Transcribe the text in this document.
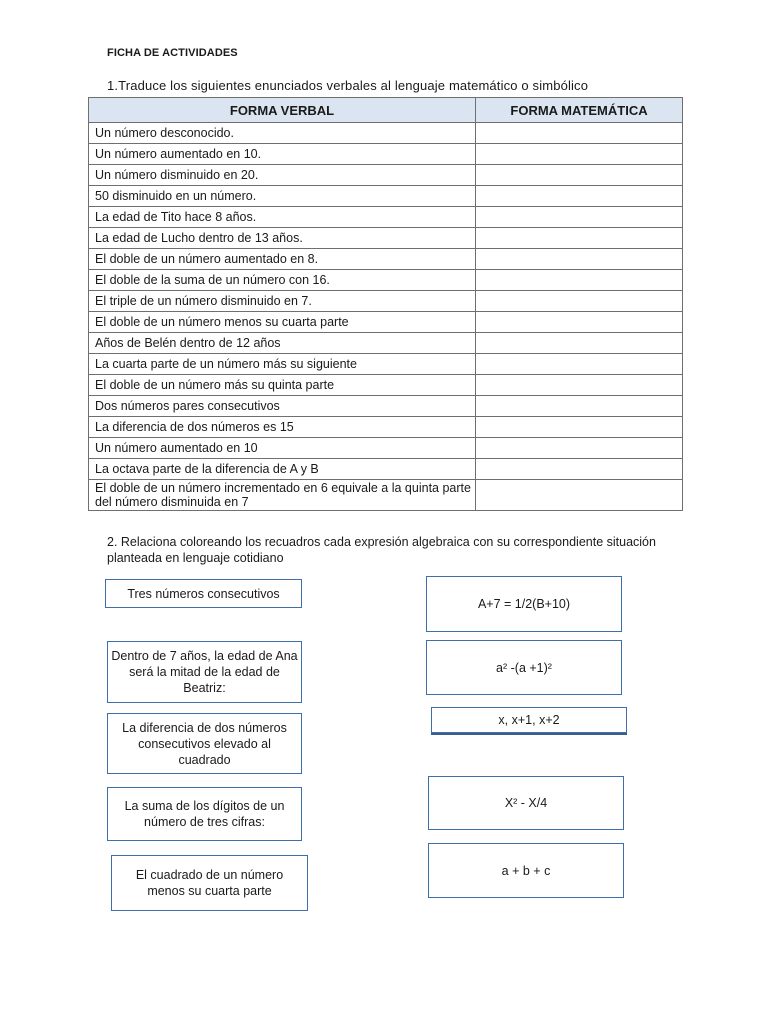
FICHA DE ACTIVIDADES
1.Traduce los siguientes enunciados verbales al lenguaje matemático o simbólico
FORMA VERBAL	FORMA MATEMÁTICA
Un número desconocido.	
Un número aumentado en 10.	
Un número disminuido en 20.	
50 disminuido en un número.	
La edad de Tito hace 8 años.	
La edad de Lucho dentro de 13 años.	
El doble de un número aumentado en 8.	
El doble de la suma de un número con 16.	
El triple de un número disminuido en 7.	
El doble de un número menos su cuarta parte	
Años de Belén dentro de 12 años	
La cuarta parte de un número más su siguiente	
El doble de un número más su quinta parte	
Dos números pares consecutivos	
La diferencia de dos números es 15	
Un número aumentado en 10	
La octava parte de la diferencia de A y B	
El doble de un número incrementado en 6 equivale a la quinta parte del número disminuida en 7	
2. Relaciona coloreando los recuadros cada expresión algebraica con su correspondiente situación planteada en lenguaje cotidiano
Tres números consecutivos
Dentro de 7 años, la edad de Ana será la mitad de la edad de Beatriz:
La diferencia de dos números consecutivos elevado al cuadrado
La suma de los dígitos de un número de tres cifras:
El cuadrado de un número menos su cuarta parte
A+7 = 1/2(B+10)
a² -(a +1)²
x, x+1, x+2
X² - X/4
a + b + c
